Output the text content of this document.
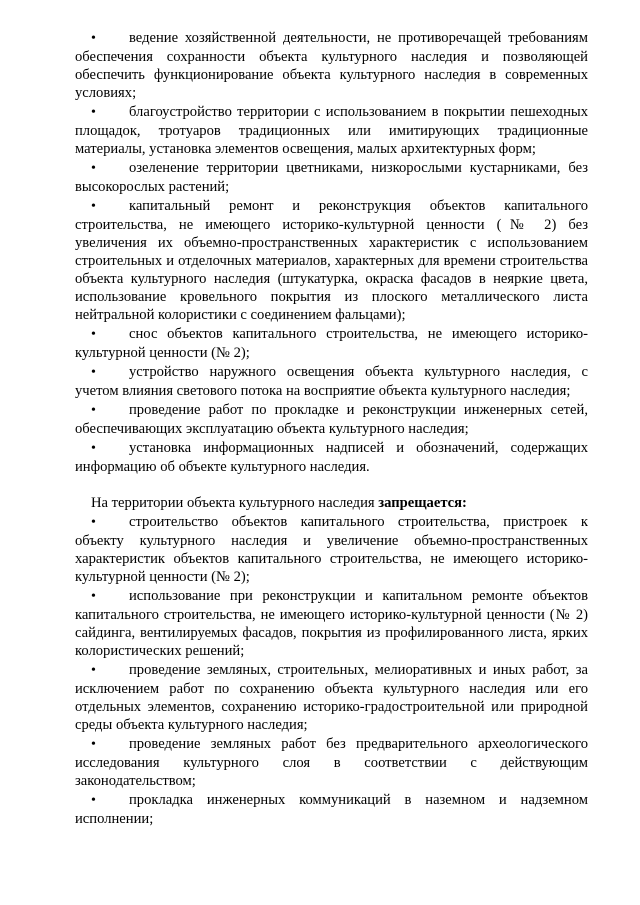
• ведение хозяйственной деятельности, не противоречащей требованиям обеспечения сохранности объекта культурного наследия и позволяющей обеспечить функционирование объекта культурного наследия в современных условиях;

• благоустройство территории с использованием в покрытии пешеходных площадок, тротуаров традиционных или имитирующих традиционные материалы, установка элементов освещения, малых архитектурных форм;

• озеленение территории цветниками, низкорослыми кустарниками, без высокорослых растений;

• капитальный ремонт и реконструкция объектов капитального строительства, не имеющего историко-культурной ценности (№ 2) без увеличения их объемно-пространственных характеристик с использованием строительных и отделочных материалов, характерных для времени строительства объекта культурного наследия (штукатурка, окраска фасадов в неяркие цвета, использование кровельного покрытия из плоского металлического листа нейтральной колористики с соединением фальцами);

• снос объектов капитального строительства, не имеющего историко-культурной ценности (№ 2);

• устройство наружного освещения объекта культурного наследия, с учетом влияния светового потока на восприятие объекта культурного наследия;

• проведение работ по прокладке и реконструкции инженерных сетей, обеспечивающих эксплуатацию объекта культурного наследия;

• установка информационных надписей и обозначений, содержащих информацию об объекте культурного наследия.

На территории объекта культурного наследия запрещается:

• строительство объектов капитального строительства, пристроек к объекту культурного наследия и увеличение объемно-пространственных характеристик объектов капитального строительства, не имеющего историко-культурной ценности (№ 2);

• использование при реконструкции и капитальном ремонте объектов капитального строительства, не имеющего историко-культурной ценности (№ 2) сайдинга, вентилируемых фасадов, покрытия из профилированного листа, ярких колористических решений;

• проведение земляных, строительных, мелиоративных и иных работ, за исключением работ по сохранению объекта культурного наследия или его отдельных элементов, сохранению историко-градостроительной или природной среды объекта культурного наследия;

• проведение земляных работ без предварительного археологического исследования культурного слоя в соответствии с действующим законодательством;

• прокладка инженерных коммуникаций в наземном и надземном исполнении;
